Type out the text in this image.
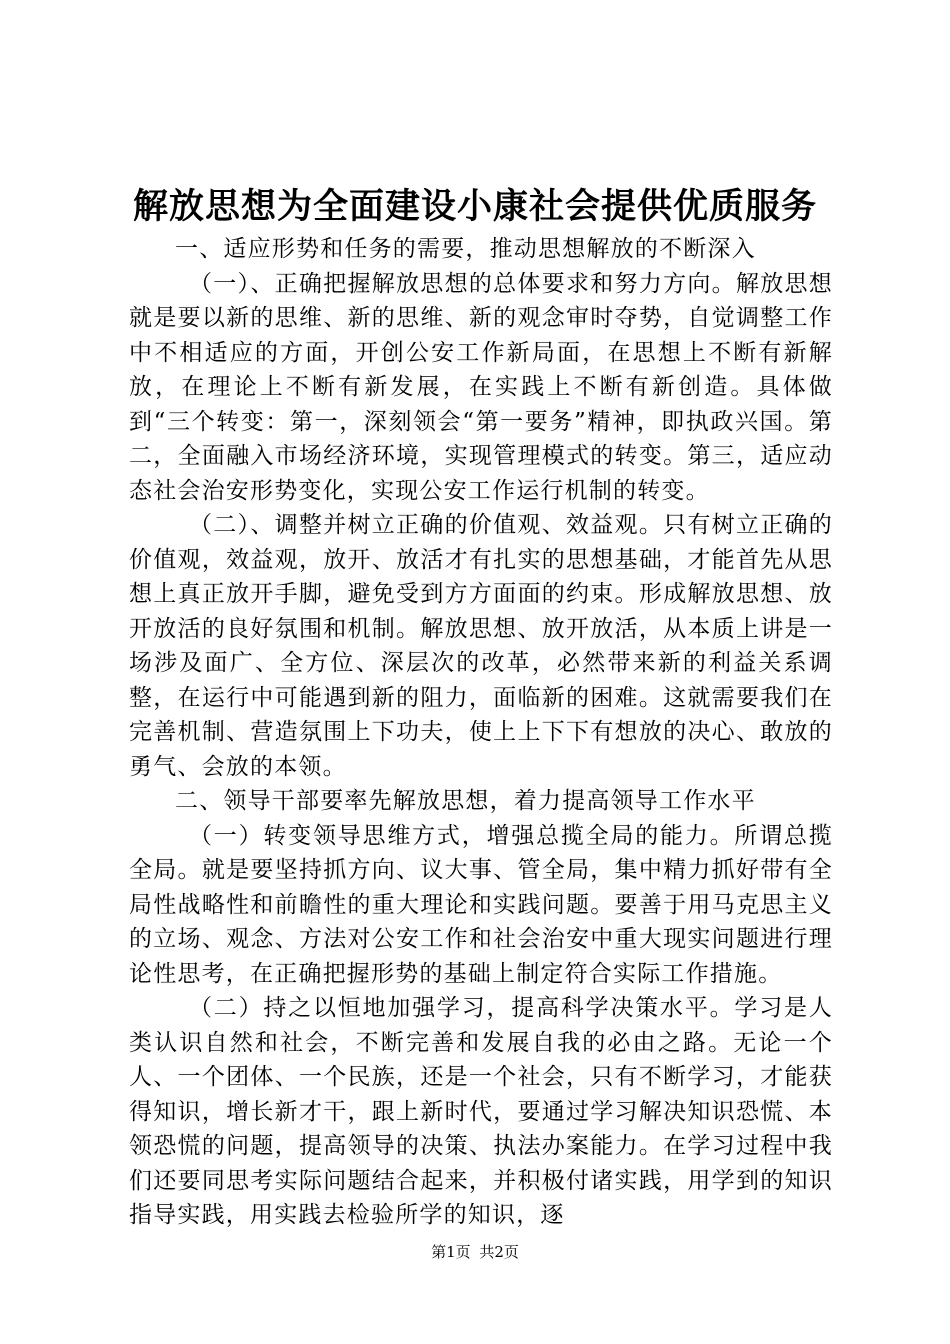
解放思想为全面建设小康社会提供优质服务

一、适应形势和任务的需要，推动思想解放的不断深入

（一）、正确把握解放思想的总体要求和努力方向。解放思想就是要以新的思维、新的思维、新的观念审时夺势，自觉调整工作中不相适应的方面，开创公安工作新局面，在思想上不断有新解放，在理论上不断有新发展，在实践上不断有新创造。具体做到“三个转变：第一，深刻领会“第一要务”精神，即执政兴国。第二，全面融入市场经济环境，实现管理模式的转变。第三，适应动态社会治安形势变化，实现公安工作运行机制的转变。

（二）、调整并树立正确的价值观、效益观。只有树立正确的价值观，效益观，放开、放活才有扎实的思想基础，才能首先从思想上真正放开手脚，避免受到方方面面的约束。形成解放思想、放开放活的良好氛围和机制。解放思想、放开放活，从本质上讲是一场涉及面广、全方位、深层次的改革，必然带来新的利益关系调整，在运行中可能遇到新的阻力，面临新的困难。这就需要我们在完善机制、营造氛围上下功夫，使上上下下有想放的决心、敢放的勇气、会放的本领。

二、领导干部要率先解放思想，着力提高领导工作水平

（一）转变领导思维方式，增强总揽全局的能力。所谓总揽全局。就是要坚持抓方向、议大事、管全局，集中精力抓好带有全局性战略性和前瞻性的重大理论和实践问题。要善于用马克思主义的立场、观念、方法对公安工作和社会治安中重大现实问题进行理论性思考，在正确把握形势的基础上制定符合实际工作措施。

（二）持之以恒地加强学习，提高科学决策水平。学习是人类认识自然和社会，不断完善和发展自我的必由之路。无论一个人、一个团体、一个民族，还是一个社会，只有不断学习，才能获得知识，增长新才干，跟上新时代，要通过学习解决知识恐慌、本领恐慌的问题，提高领导的决策、执法办案能力。在学习过程中我们还要同思考实际问题结合起来，并积极付诸实践，用学到的知识指导实践，用实践去检验所学的知识，逐

第1页 共2页
